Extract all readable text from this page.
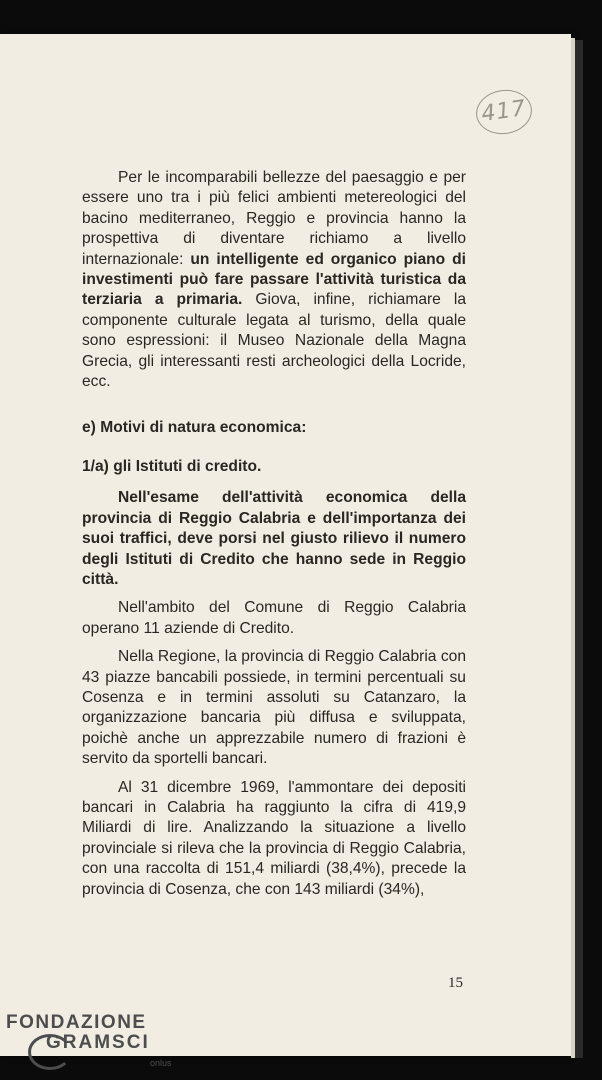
417

Per le incomparabili bellezze del paesaggio e per essere uno tra i più felici ambienti metereologici del bacino mediterraneo, Reggio e provincia hanno la prospettiva di diventare richiamo a livello internazionale: un intelligente ed organico piano di investimenti può fare passare l'attività turistica da terziaria a primaria. Giova, infine, richiamare la componente culturale legata al turismo, della quale sono espressioni: il Museo Nazionale della Magna Grecia, gli interessanti resti archeologici della Locride, ecc.

e) Motivi di natura economica:

1/a) gli Istituti di credito.

Nell'esame dell'attività economica della provincia di Reggio Calabria e dell'importanza dei suoi traffici, deve porsi nel giusto rilievo il numero degli Istituti di Credito che hanno sede in Reggio città.

Nell'ambito del Comune di Reggio Calabria operano 11 aziende di Credito.

Nella Regione, la provincia di Reggio Calabria con 43 piazze bancabili possiede, in termini percentuali su Cosenza e in termini assoluti su Catanzaro, la organizzazione bancaria più diffusa e sviluppata, poichè anche un apprezzabile numero di frazioni è servito da sportelli bancari.

Al 31 dicembre 1969, l'ammontare dei depositi bancari in Calabria ha raggiunto la cifra di 419,9 Miliardi di lire. Analizzando la situazione a livello provinciale si rileva che la provincia di Reggio Calabria, con una raccolta di 151,4 miliardi (38,4%), precede la provincia di Cosenza, che con 143 miliardi (34%),

15
FONDAZIONE
GRAMSCI
onlus
